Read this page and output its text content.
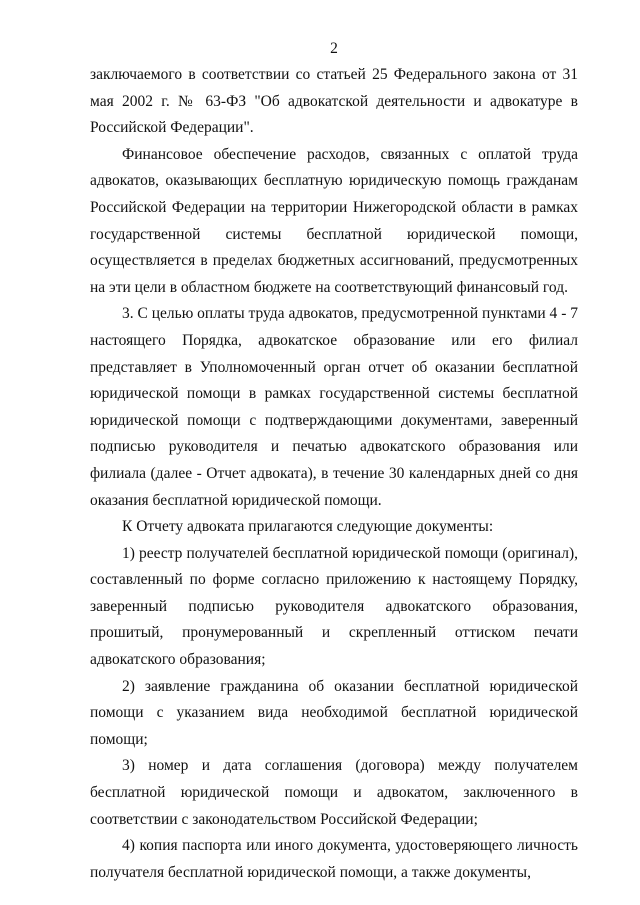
2

заключаемого в соответствии со статьей 25 Федерального закона от 31 мая 2002 г. № 63-ФЗ "Об адвокатской деятельности и адвокатуре в Российской Федерации".

Финансовое обеспечение расходов, связанных с оплатой труда адвокатов, оказывающих бесплатную юридическую помощь гражданам Российской Федерации на территории Нижегородской области в рамках государственной системы бесплатной юридической помощи, осуществляется в пределах бюджетных ассигнований, предусмотренных на эти цели в областном бюджете на соответствующий финансовый год.

3. С целью оплаты труда адвокатов, предусмотренной пунктами 4 - 7 настоящего Порядка, адвокатское образование или его филиал представляет в Уполномоченный орган отчет об оказании бесплатной юридической помощи в рамках государственной системы бесплатной юридической помощи с подтверждающими документами, заверенный подписью руководителя и печатью адвокатского образования или филиала (далее - Отчет адвоката), в течение 30 календарных дней со дня оказания бесплатной юридической помощи.

К Отчету адвоката прилагаются следующие документы:

1) реестр получателей бесплатной юридической помощи (оригинал), составленный по форме согласно приложению к настоящему Порядку, заверенный подписью руководителя адвокатского образования, прошитый, пронумерованный и скрепленный оттиском печати адвокатского образования;

2) заявление гражданина об оказании бесплатной юридической помощи с указанием вида необходимой бесплатной юридической помощи;

3) номер и дата соглашения (договора) между получателем бесплатной юридической помощи и адвокатом, заключенного в соответствии с законодательством Российской Федерации;

4) копия паспорта или иного документа, удостоверяющего личность получателя бесплатной юридической помощи, а также документы,
